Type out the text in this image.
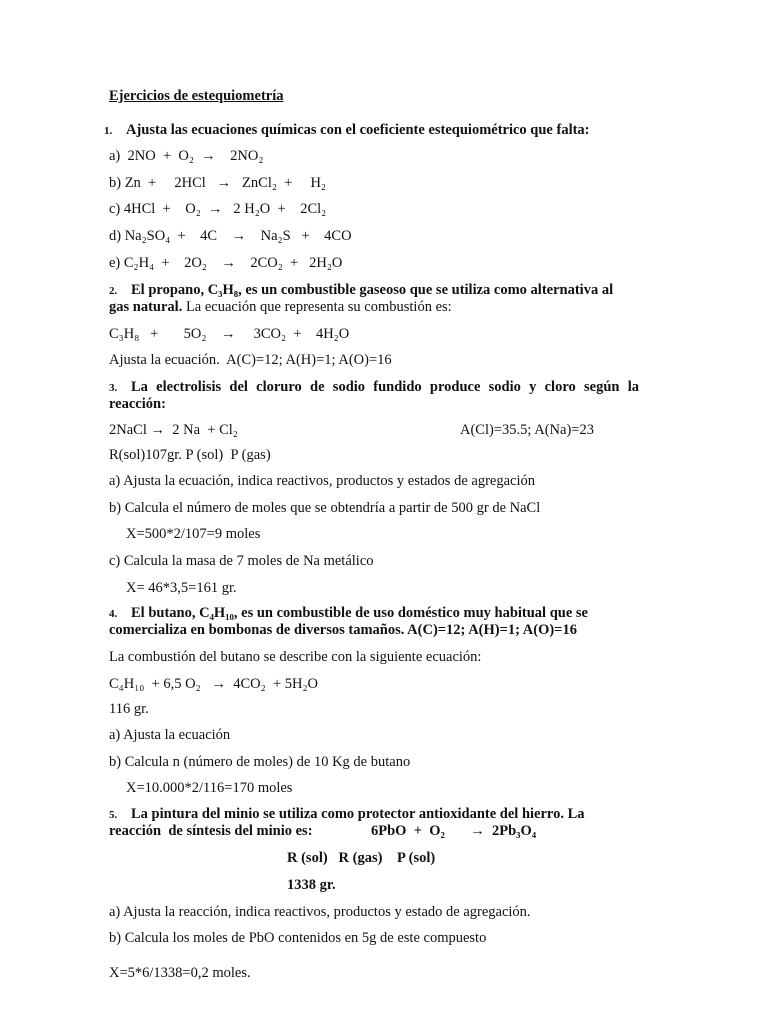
Ejercicios de estequiometría
1. Ajusta las ecuaciones químicas con el coeficiente estequiométrico que falta:
a)  2NO  +  O₂  →    2NO₂
b) Zn  +     2HCl   →   ZnCl₂  +     H₂
c) 4HCl  +    O₂  →   2 H₂O  +    2Cl₂
d) Na₂SO₄  +    4C    →    Na₂S   +    4CO
e) C₂H₄  +    2O₂    →    2CO₂  +   2H₂O
2. El propano, C₃H₈, es un combustible gaseoso que se utiliza como alternativa al
gas natural. La ecuación que representa su combustión es:
C₃H₈   +       5O₂    →     3CO₂  +    4H₂O
Ajusta la ecuación.  A(C)=12; A(H)=1; A(O)=16
3. La electrolisis del cloruro de sodio fundido produce sodio y cloro según la
reacción:
2NaCl →  2 Na  + Cl₂	A(Cl)=35.5; A(Na)=23
R(sol)107gr. P (sol)  P (gas)
a) Ajusta la ecuación, indica reactivos, productos y estados de agregación
b) Calcula el número de moles que se obtendría a partir de 500 gr de NaCl
X=500*2/107=9 moles
c) Calcula la masa de 7 moles de Na metálico
X= 46*3,5=161 gr.
4. El butano, C₄H₁₀, es un combustible de uso doméstico muy habitual que se
comercializa en bombonas de diversos tamaños. A(C)=12; A(H)=1; A(O)=16
La combustión del butano se describe con la siguiente ecuación:
C₄H₁₀  + 6,5 O₂   →  4CO₂  + 5H₂O
116 gr.
a) Ajusta la ecuación
b) Calcula n (número de moles) de 10 Kg de butano
X=10.000*2/116=170 moles
5. La pintura del minio se utiliza como protector antioxidante del hierro. La
reacción  de síntesis del minio es:	6PbO  +  O₂       →  2Pb₃O₄
R (sol)   R (gas)    P (sol)
1338 gr.
a) Ajusta la reacción, indica reactivos, productos y estado de agregación.
b) Calcula los moles de PbO contenidos en 5g de este compuesto
X=5*6/1338=0,2 moles.
